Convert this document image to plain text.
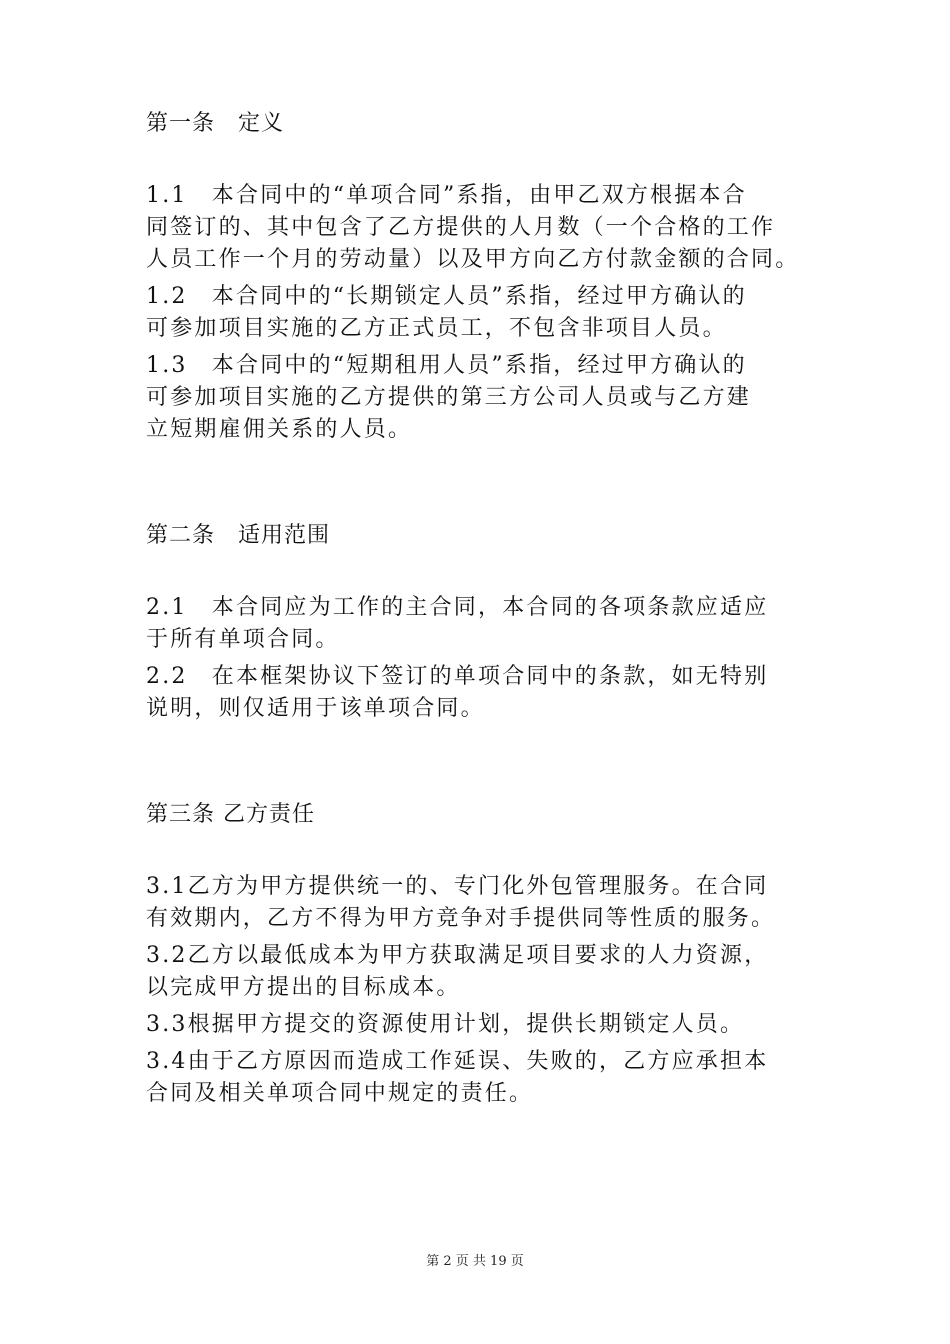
第一条　定义

1.1　本合同中的“单项合同”系指，由甲乙双方根据本合
同签订的、其中包含了乙方提供的人月数（一个合格的工作
人员工作一个月的劳动量）以及甲方向乙方付款金额的合同。
1.2　本合同中的“长期锁定人员”系指，经过甲方确认的
可参加项目实施的乙方正式员工，不包含非项目人员。
1.3　本合同中的“短期租用人员”系指，经过甲方确认的
可参加项目实施的乙方提供的第三方公司人员或与乙方建
立短期雇佣关系的人员。

第二条　适用范围

2.1　本合同应为工作的主合同，本合同的各项条款应适应
于所有单项合同。
2.2　在本框架协议下签订的单项合同中的条款，如无特别
说明，则仅适用于该单项合同。

第三条 乙方责任

3.1乙方为甲方提供统一的、专门化外包管理服务。在合同
有效期内，乙方不得为甲方竞争对手提供同等性质的服务。
3.2乙方以最低成本为甲方获取满足项目要求的人力资源，
以完成甲方提出的目标成本。
3.3根据甲方提交的资源使用计划，提供长期锁定人员。
3.4由于乙方原因而造成工作延误、失败的，乙方应承担本
合同及相关单项合同中规定的责任。
第 2 页 共 19 页
